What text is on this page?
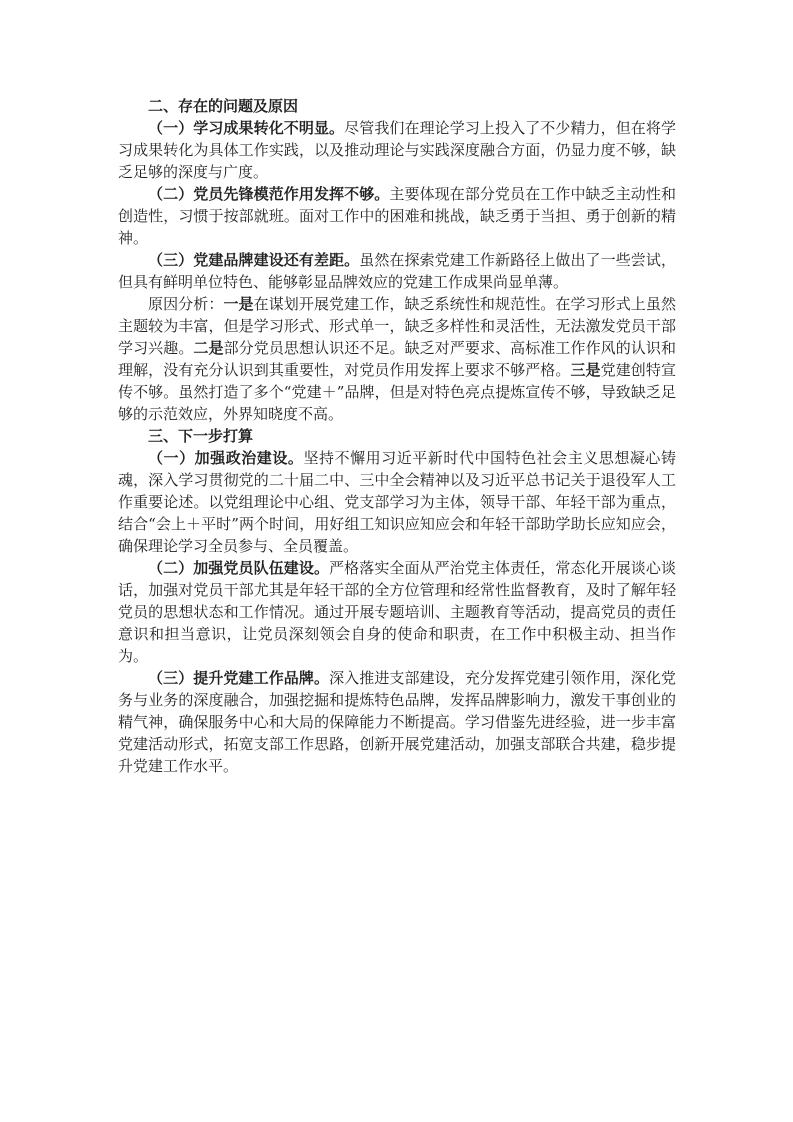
二、存在的问题及原因

（一）学习成果转化不明显。尽管我们在理论学习上投入了不少精力，但在将学习成果转化为具体工作实践，以及推动理论与实践深度融合方面，仍显力度不够，缺乏足够的深度与广度。

（二）党员先锋模范作用发挥不够。主要体现在部分党员在工作中缺乏主动性和创造性，习惯于按部就班。面对工作中的困难和挑战，缺乏勇于当担、勇于创新的精神。

（三）党建品牌建设还有差距。虽然在探索党建工作新路径上做出了一些尝试，但具有鲜明单位特色、能够彰显品牌效应的党建工作成果尚显单薄。

原因分析：一是在谋划开展党建工作，缺乏系统性和规范性。在学习形式上虽然主题较为丰富，但是学习形式、形式单一，缺乏多样性和灵活性，无法激发党员干部学习兴趣。二是部分党员思想认识还不足。缺乏对严要求、高标准工作作风的认识和理解，没有充分认识到其重要性，对党员作用发挥上要求不够严格。三是党建创特宣传不够。虽然打造了多个“党建＋”品牌，但是对特色亮点提炼宣传不够，导致缺乏足够的示范效应，外界知晓度不高。

三、下一步打算

（一）加强政治建设。坚持不懈用习近平新时代中国特色社会主义思想凝心铸魂，深入学习贯彻党的二十届二中、三中全会精神以及习近平总书记关于退役军人工作重要论述。以党组理论中心组、党支部学习为主体，领导干部、年轻干部为重点，结合“会上＋平时”两个时间，用好组工知识应知应会和年轻干部助学助长应知应会，确保理论学习全员参与、全员覆盖。

（二）加强党员队伍建设。严格落实全面从严治党主体责任，常态化开展谈心谈话，加强对党员干部尤其是年轻干部的全方位管理和经常性监督教育，及时了解年轻党员的思想状态和工作情况。通过开展专题培训、主题教育等活动，提高党员的责任意识和担当意识，让党员深刻领会自身的使命和职责，在工作中积极主动、担当作为。

（三）提升党建工作品牌。深入推进支部建设，充分发挥党建引领作用，深化党务与业务的深度融合，加强挖掘和提炼特色品牌，发挥品牌影响力，激发干事创业的精气神，确保服务中心和大局的保障能力不断提高。学习借鉴先进经验，进一步丰富党建活动形式，拓宽支部工作思路，创新开展党建活动，加强支部联合共建，稳步提升党建工作水平。
